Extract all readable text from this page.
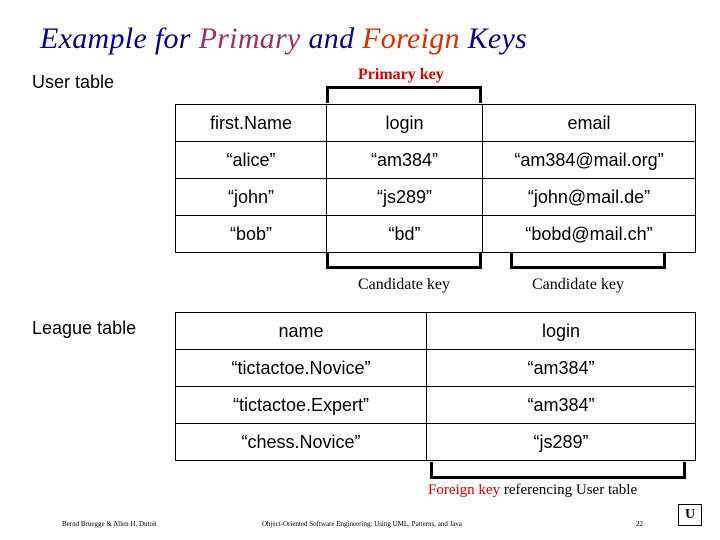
Example for Primary and Foreign Keys
User table	Primary key
first.Name	login	email
“alice”	“am384”	“am384@mail.org”
“john”	“js289”	“john@mail.de”
“bob”	“bd”	“bobd@mail.ch”
Candidate key	Candidate key
League table	name	login
“tictactoe.Novice”	“am384”
“tictactoe.Expert”	“am384”
“chess.Novice”	“js289”
Foreign key referencing User table
Bernd Bruegge & Allen H. Dutoit	Object-Oriented Software Engineering: Using UML, Patterns, and Java	22
U
